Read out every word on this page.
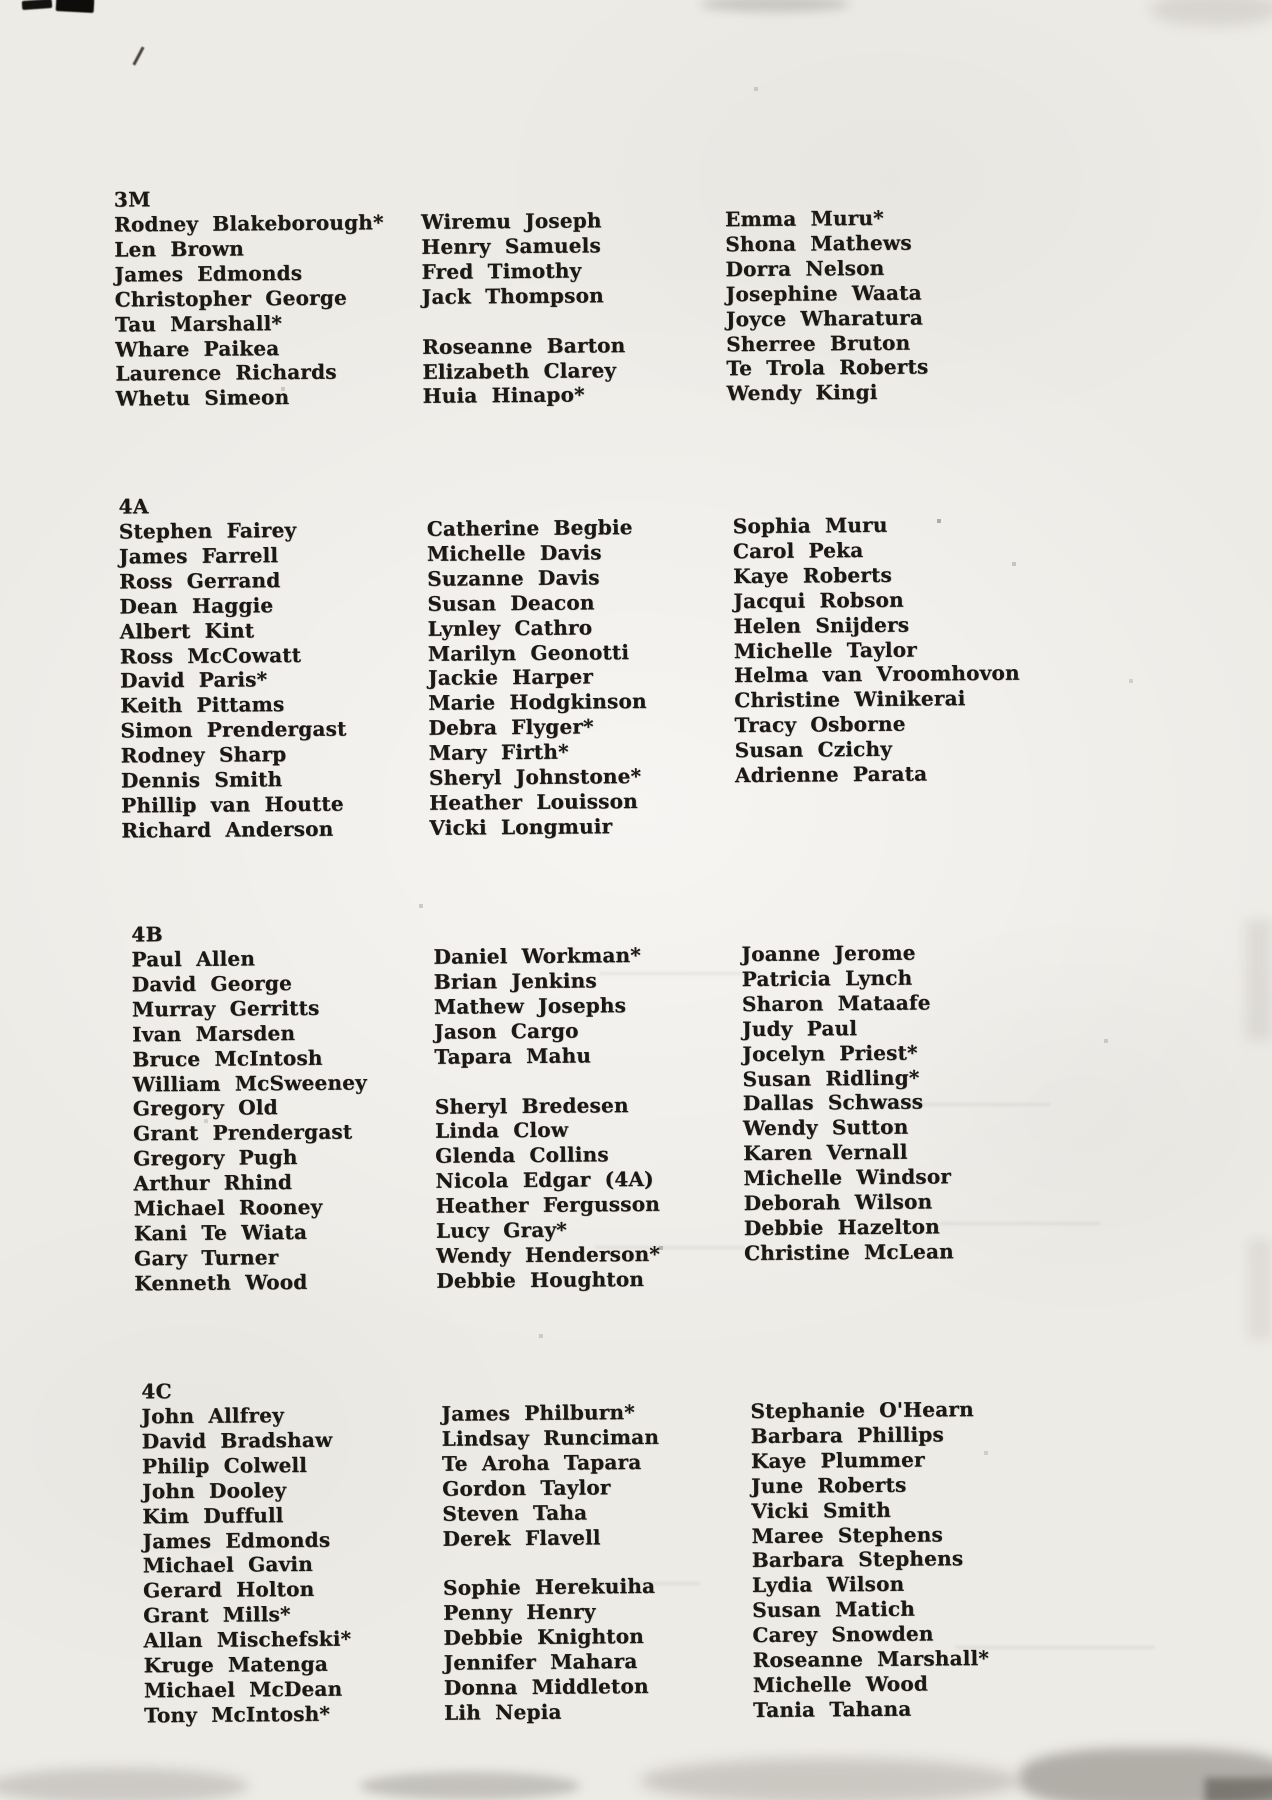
3M
Rodney Blakeborough*
Len Brown
James Edmonds
Christopher George
Tau Marshall*
Whare Paikea
Laurence Richards
Whetu Simeon
Wiremu Joseph
Henry Samuels
Fred Timothy
Jack Thompson
Roseanne Barton
Elizabeth Clarey
Huia Hinapo*
Emma Muru*
Shona Mathews
Dorra Nelson
Josephine Waata
Joyce Wharatura
Sherree Bruton
Te Trola Roberts
Wendy Kingi
4A
Stephen Fairey
James Farrell
Ross Gerrand
Dean Haggie
Albert Kint
Ross McCowatt
David Paris*
Keith Pittams
Simon Prendergast
Rodney Sharp
Dennis Smith
Phillip van Houtte
Richard Anderson
Catherine Begbie
Michelle Davis
Suzanne Davis
Susan Deacon
Lynley Cathro
Marilyn Geonotti
Jackie Harper
Marie Hodgkinson
Debra Flyger*
Mary Firth*
Sheryl Johnstone*
Heather Louisson
Vicki Longmuir
Sophia Muru
Carol Peka
Kaye Roberts
Jacqui Robson
Helen Snijders
Michelle Taylor
Helma van Vroomhovon
Christine Winikerai
Tracy Osborne
Susan Czichy
Adrienne Parata
4B
Paul Allen
David George
Murray Gerritts
Ivan Marsden
Bruce McIntosh
William McSweeney
Gregory Old
Grant Prendergast
Gregory Pugh
Arthur Rhind
Michael Rooney
Kani Te Wiata
Gary Turner
Kenneth Wood
Daniel Workman*
Brian Jenkins
Mathew Josephs
Jason Cargo
Tapara Mahu
Sheryl Bredesen
Linda Clow
Glenda Collins
Nicola Edgar (4A)
Heather Fergusson
Lucy Gray*
Wendy Henderson*
Debbie Houghton
Joanne Jerome
Patricia Lynch
Sharon Mataafe
Judy Paul
Jocelyn Priest*
Susan Ridling*
Dallas Schwass
Wendy Sutton
Karen Vernall
Michelle Windsor
Deborah Wilson
Debbie Hazelton
Christine McLean
4C
John Allfrey
David Bradshaw
Philip Colwell
John Dooley
Kim Duffull
James Edmonds
Michael Gavin
Gerard Holton
Grant Mills*
Allan Mischefski*
Kruge Matenga
Michael McDean
Tony McIntosh*
James Philburn*
Lindsay Runciman
Te Aroha Tapara
Gordon Taylor
Steven Taha
Derek Flavell
Sophie Herekuiha
Penny Henry
Debbie Knighton
Jennifer Mahara
Donna Middleton
Lih Nepia
Stephanie O'Hearn
Barbara Phillips
Kaye Plummer
June Roberts
Vicki Smith
Maree Stephens
Barbara Stephens
Lydia Wilson
Susan Matich
Carey Snowden
Roseanne Marshall*
Michelle Wood
Tania Tahana
